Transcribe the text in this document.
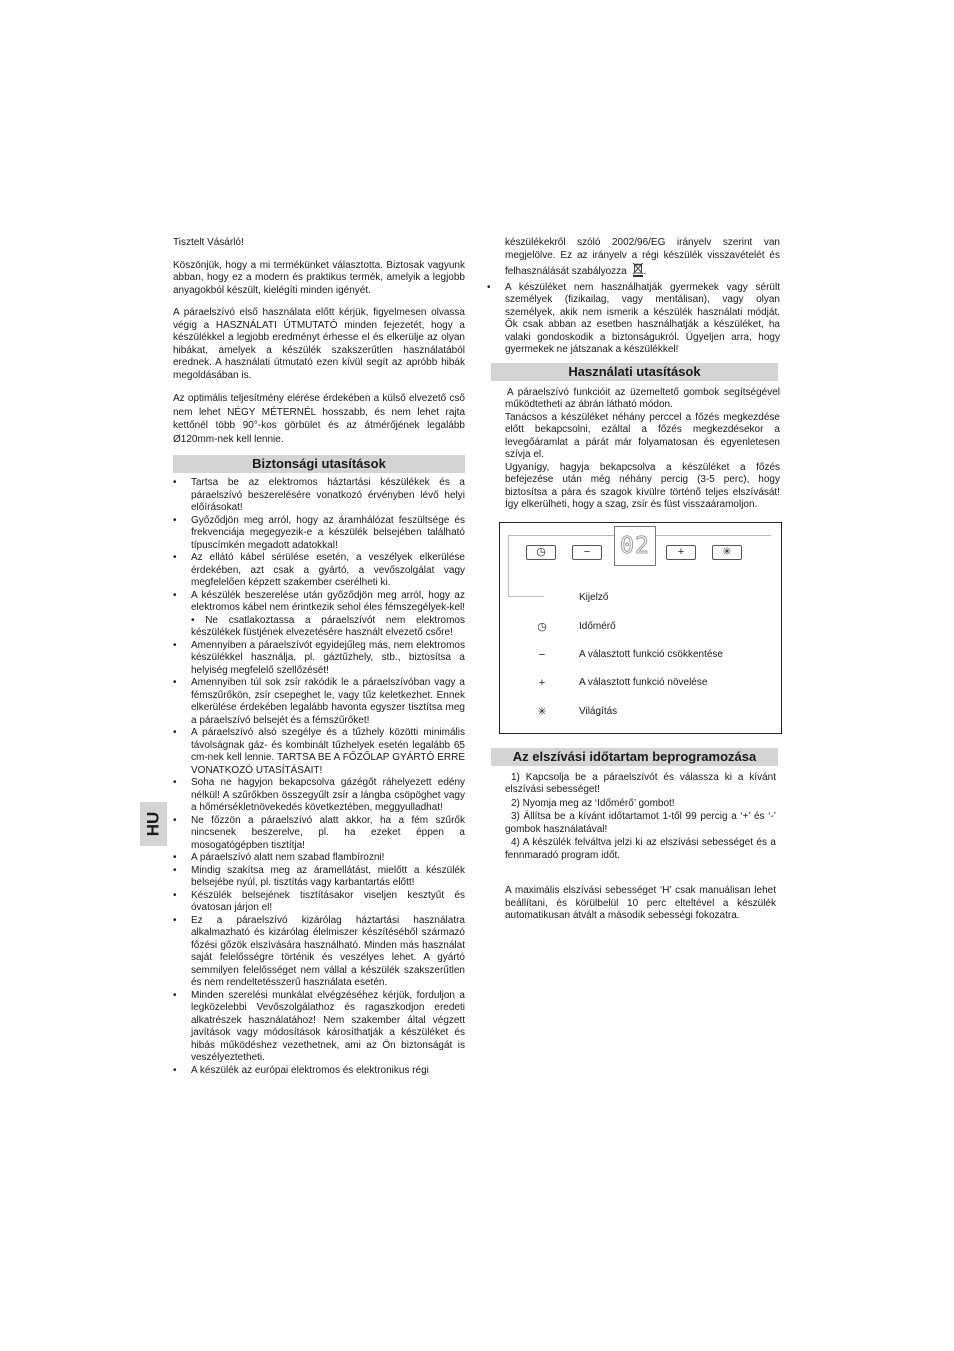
Tisztelt Vásárló!
Köszönjük, hogy a mi termékünket választotta. Biztosak vagyunk abban, hogy ez a modern és praktikus termék, amelyik a legjobb anyagokból készült, kielégíti minden igényét.
A páraelszívó első használata előtt kérjük, figyelmesen olvassa végig a HASZNÁLATI ÚTMUTATÓ minden fejezetét, hogy a készülékkel a legjobb eredményt érhesse el és elkerülje az olyan hibákat, amelyek a készülék szakszerűtlen használatából erednek. A használati útmutató ezen kívül segít az apróbb hibák megoldásában is.
Az optimális teljesítmény elérése érdekében a külső elvezető cső nem lehet NÉGY MÉTERNÉL hosszabb, és nem lehet rajta kettőnél több 90°-kos görbület és az átmérőjének legalább Ø120mm-nek kell lennie.
Biztonsági utasítások
• Tartsa be az elektromos háztartási készülékek és a páraelszívó beszerelésére vonatkozó érvényben lévő helyi előírásokat!
• Győződjön meg arról, hogy az áramhálózat feszültsége és frekvenciája megegyezik-e a készülék belsejében található típuscímkén megadott adatokkal!
• Az ellátó kábel sérülése esetén, a veszélyek elkerülése érdekében, azt csak a gyártó, a vevőszolgálat vagy megfelelően képzett szakember cserélheti ki.
• A készülék beszerelése után győződjön meg arról, hogy az elektromos kábel nem érintkezik sehol éles fémszegélyek-kel! • Ne csatlakoztassa a páraelszívót nem elektromos készülékek füstjének elvezetésére használt elvezető csőre!
• Amennyiben a páraelszívót egyidejűleg más, nem elektromos készülékkel használja, pl. gáztűzhely, stb., biztosítsa a helyiség megfelelő szellőzését!
• Amennyiben túl sok zsír rakódik le a páraelszívóban vagy a fémszűrőkön, zsír csepeghet le, vagy tűz keletkezhet. Ennek elkerülése érdekében legalább havonta egyszer tisztítsa meg a páraelszívó belsejét és a fémszűrőket!
• A páraelszívó alsó szegélye és a tűzhely közötti minimális távolságnak gáz- és kombinált tűzhelyek esetén legalább 65 cm-nek kell lennie. TARTSA BE A FŐZŐLAP GYÁRTÓ ERRE VONATKOZÓ UTASÍTÁSAIT!
• Soha ne hagyjon bekapcsolva gázégőt ráhelyezett edény nélkül! A szűrőkben összegyűlt zsír a lángba csöpöghet vagy a hőmérsékletnövekedés következtében, meggyulladhat!
• Ne főzzön a páraelszívó alatt akkor, ha a fém szűrők nincsenek beszerelve, pl. ha ezeket éppen a mosogatógépben tisztítja!
• A páraelszívó alatt nem szabad flambírozni!
• Mindig szakítsa meg az áramellátást, mielőtt a készülék belsejébe nyúl, pl. tisztítás vagy karbantartás előtt!
• Készülék belsejének tisztításakor viseljen kesztyűt és óvatosan járjon el!
• Ez a páraelszívó kizárólag háztartási használatra alkalmazható és kizárólag élelmiszer készítéséből származó főzési gőzök elszívására használható. Minden más használat saját felelősségre történik és veszélyes lehet. A gyártó semmilyen felelősséget nem vállal a készülék szakszerűtlen és nem rendeltetésszerű használata esetén.
• Minden szerelési munkálat elvégzéséhez kérjük, forduljon a legközelebbi Vevőszolgálathoz és ragaszkodjon eredeti alkatrészek használatához! Nem szakember által végzett javítások vagy módosítások károsíthatják a készüléket és hibás működéshez vezethetnek, ami az Ön biztonságát is veszélyeztetheti.
• A készülék az európai elektromos és elektronikus régi
HU
készülékekről szóló 2002/96/EG irányelv szerint van megjelölve. Ez az irányelv a régi készülék visszavételét és felhasználását szabályozza .
• A készüléket nem használhatják gyermekek vagy sérült személyek (fizikailag, vagy mentálisan), vagy olyan személyek, akik nem ismerik a készülék használati módját. Ők csak abban az esetben használhatják a készüléket, ha valaki gondoskodik a biztonságukról. Ügyeljen arra, hogy gyermekek ne játszanak a készülékkel!
Használati utasítások
A páraelszívó funkcióit az üzemeltető gombok segítségével működtetheti az ábrán látható módon.
Tanácsos a készüléket néhány perccel a főzés megkezdése előtt bekapcsolni, ezáltal a főzés megkezdésekor a levegőáramlat a párát már folyamatosan és egyenletesen szívja el.
Ugyanígy, hagyja bekapcsolva a készüléket a főzés befejezése után még néhány percig (3-5 perc), hogy biztosítsa a pára és szagok kívülre történő teljes elszívását! Így elkerülheti, hogy a szag, zsír és füst visszaáramoljon.
◷	−	02	+	✳
Kijelző
◷	Időmérő
−	A választott funkció csökkentése
+	A választott funkció növelése
✳	Világítás
Az elszívási időtartam beprogramozása
1) Kapcsolja be a páraelszívót és válassza ki a kívánt elszívási sebességet!
2) Nyomja meg az ‘Időmérő’ gombot!
3) Állítsa be a kívánt időtartamot 1-től 99 percig a ‘+’ és ‘-’ gombok használatával!
4) A készülék felváltva jelzi ki az elszívási sebességet és a fennmaradó program időt.
A maximális elszívási sebességet ‘H’ csak manuálisan lehet beállítani, és körülbelül 10 perc elteltével a készülék automatikusan átvált a második sebességi fokozatra.
